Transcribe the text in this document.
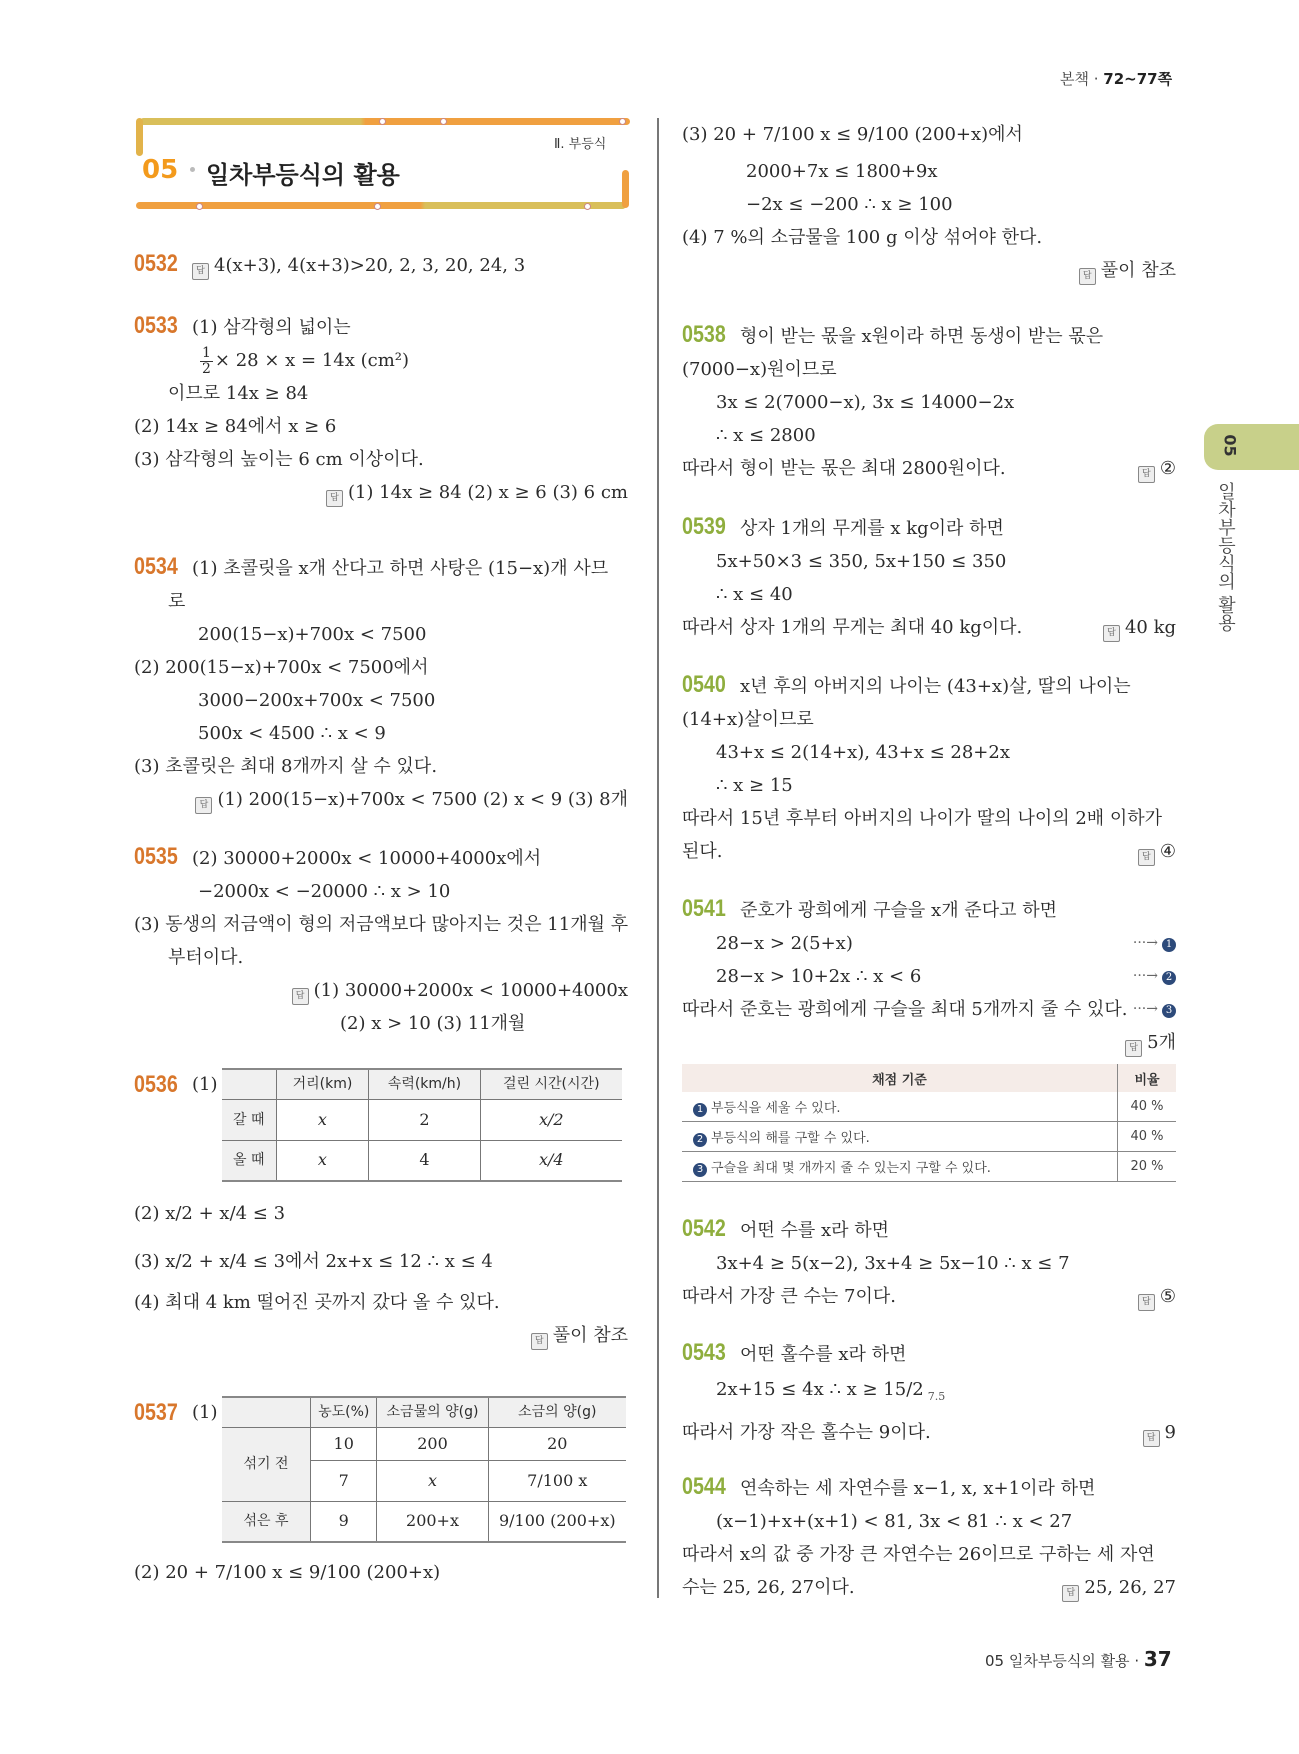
본책 · 72~77쪽
Ⅱ. 부등식
05 일차부등식의 활용
0532 답 4(x+3), 4(x+3)>20, 2, 3, 20, 24, 3
0533 (1) 삼각형의 넓이는
$\frac{1}{2} \times 28 \times x = 14x$ (cm²)
이므로 14x ≥ 84
(2) 14x ≥ 84에서 x ≥ 6
(3) 삼각형의 높이는 6 cm 이상이다.
답 (1) 14x ≥ 84 (2) x ≥ 6 (3) 6 cm
0534 (1) 초콜릿을 x개 산다고 하면 사탕은 (15−x)개 사므
로
200(15−x)+700x < 7500
(2) 200(15−x)+700x < 7500에서
3000−200x+700x < 7500
500x < 4500 ∴ x < 9
(3) 초콜릿은 최대 8개까지 살 수 있다.
답 (1) 200(15−x)+700x < 7500 (2) x < 9 (3) 8개
0535 (2) 30000+2000x < 10000+4000x에서
−2000x < −20000 ∴ x > 10
(3) 동생의 저금액이 형의 저금액보다 많아지는 것은 11개월 후
부터이다.
답 (1) 30000+2000x < 10000+4000x
(2) x > 10 (3) 11개월
0536 (1)
		거리(km)	속력(km/h)	걸린 시간(시간)
갈 때	x	2	x/2
올 때	x	4	x/4
(2) x/2 + x/4 ≤ 3
(3) x/2 + x/4 ≤ 3에서 2x+x ≤ 12 ∴ x ≤ 4
(4) 최대 4 km 떨어진 곳까지 갔다 올 수 있다.
답 풀이 참조
0537 (1)
		농도(%)	소금물의 양(g)	소금의 양(g)
섞기 전	10	200	20
	7	x	7/100 x
섞은 후	9	200+x	9/100 (200+x)
(2) 20 + 7/100 x ≤ 9/100 (200+x)
(3) 20 + 7/100 x ≤ 9/100 (200+x)에서
2000+7x ≤ 1800+9x
−2x ≤ −200 ∴ x ≥ 100
(4) 7 %의 소금물을 100 g 이상 섞어야 한다.
답 풀이 참조
0538 형이 받는 몫을 x원이라 하면 동생이 받는 몫은
(7000−x)원이므로
3x ≤ 2(7000−x), 3x ≤ 14000−2x
∴ x ≤ 2800
따라서 형이 받는 몫은 최대 2800원이다.	답 ②
0539 상자 1개의 무게를 x kg이라 하면
5x+50×3 ≤ 350, 5x+150 ≤ 350
∴ x ≤ 40
따라서 상자 1개의 무게는 최대 40 kg이다.	답 40 kg
0540 x년 후의 아버지의 나이는 (43+x)살, 딸의 나이는
(14+x)살이므로
43+x ≤ 2(14+x), 43+x ≤ 28+2x
∴ x ≥ 15
따라서 15년 후부터 아버지의 나이가 딸의 나이의 2배 이하가
된다.	답 ④
0541 준호가 광희에게 구슬을 x개 준다고 하면
28−x > 2(5+x)	···→ 1
28−x > 10+2x ∴ x < 6	···→ 2
따라서 준호는 광희에게 구슬을 최대 5개까지 줄 수 있다. ···→ 3
답 5개
채점 기준	비율
1 부등식을 세울 수 있다.	40 %
2 부등식의 해를 구할 수 있다.	40 %
3 구슬을 최대 몇 개까지 줄 수 있는지 구할 수 있다.	20 %
0542 어떤 수를 x라 하면
3x+4 ≥ 5(x−2), 3x+4 ≥ 5x−10 ∴ x ≤ 7
따라서 가장 큰 수는 7이다.	답 ⑤
0543 어떤 홀수를 x라 하면
2x+15 ≤ 4x ∴ x ≥ 15/2 $_{7.5}$
따라서 가장 작은 홀수는 9이다.	답 9
0544 연속하는 세 자연수를 x−1, x, x+1이라 하면
(x−1)+x+(x+1) < 81, 3x < 81 ∴ x < 27
따라서 x의 값 중 가장 큰 자연수는 26이므로 구하는 세 자연
수는 25, 26, 27이다.	답 25, 26, 27
05
일차부등식의 활용
05 일차부등식의 활용 · 37
